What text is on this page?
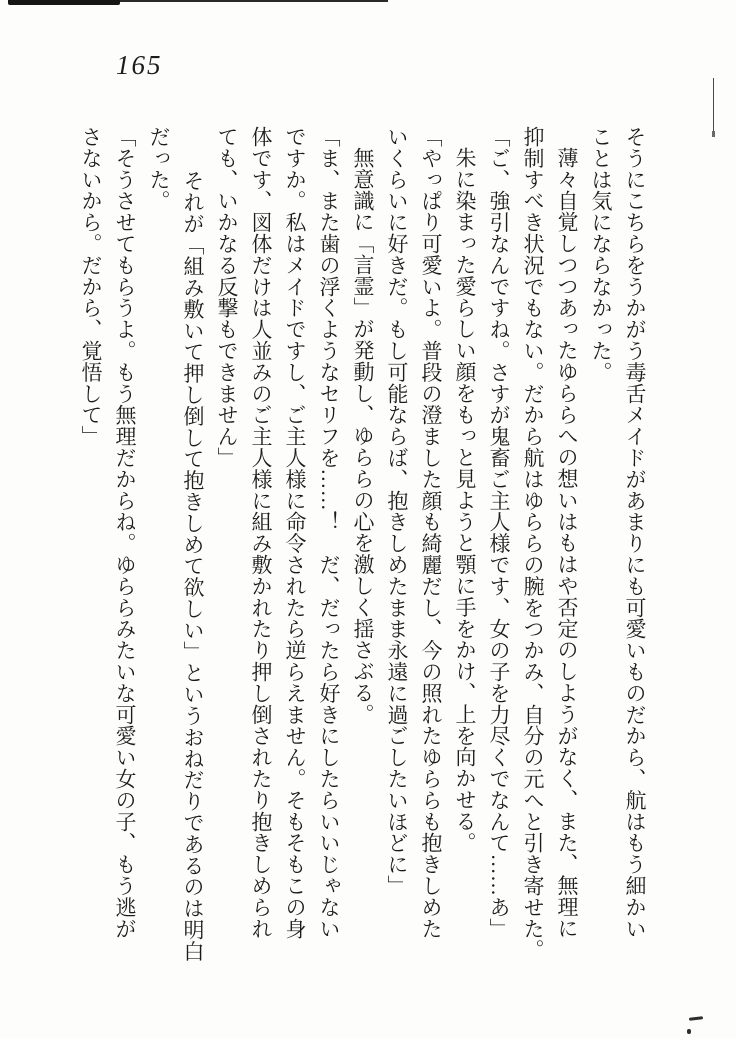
165
そうにこちらをうかがう毒舌メイドがあまりにも可愛いものだから、航はもう細かい
ことは気にならなかった。
薄々自覚しつつあったゆららへの想いはもはや否定のしようがなく、また、無理に
抑制すべき状況でもない。だから航はゆららの腕をつかみ、自分の元へと引き寄せた。
「ご、強引なんですね。さすが鬼畜ご主人様です、女の子を力尽くでなんて……あ」
朱に染まった愛らしい顔をもっと見ようと顎に手をかけ、上を向かせる。
「やっぱり可愛いよ。普段の澄ました顔も綺麗だし、今の照れたゆららも抱きしめた
いくらいに好きだ。もし可能ならば、抱きしめたまま永遠に過ごしたいほどに」
無意識に「言霊」が発動し、ゆららの心を激しく揺さぶる。
「ま、また歯の浮くようなセリフを……！　だ、だったら好きにしたらいいじゃない
ですか。私はメイドですし、ご主人様に命令されたら逆らえません。そもそもこの身
体です、図体だけは人並みのご主人様に組み敷かれたり押し倒されたり抱きしめられ
ても、いかなる反撃もできません」
それが「組み敷いて押し倒して抱きしめて欲しい」というおねだりであるのは明白
だった。
「そうさせてもらうよ。もう無理だからね。ゆららみたいな可愛い女の子、もう逃が
さないから。だから、覚悟して」
